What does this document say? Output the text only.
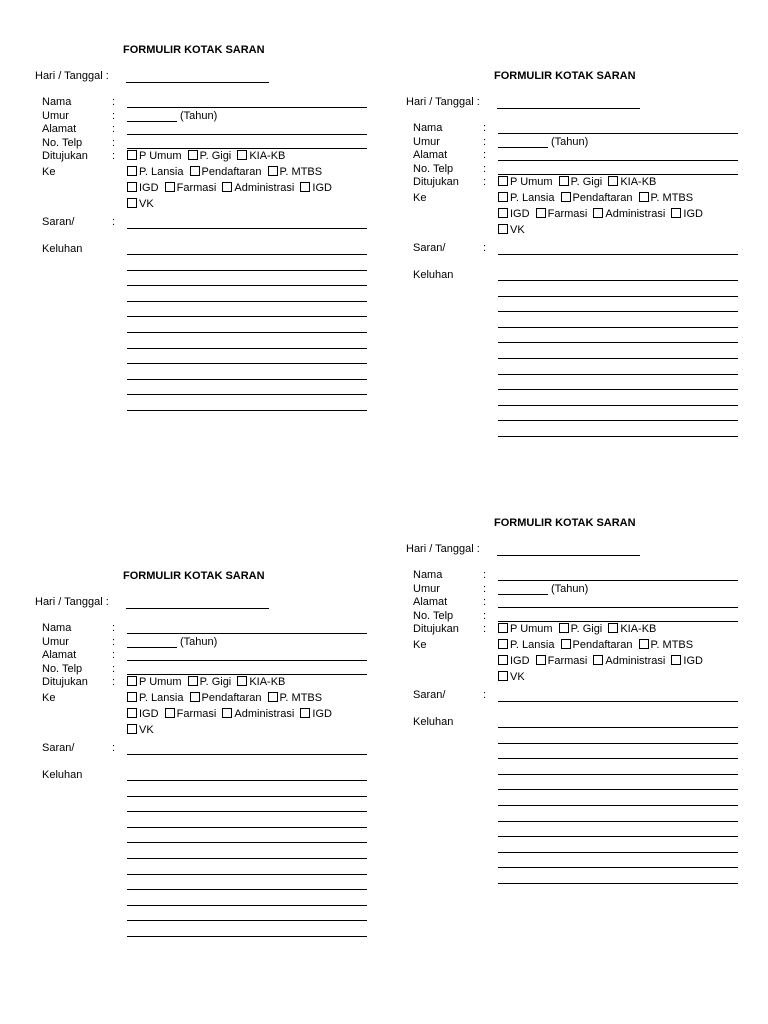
FORMULIR KOTAK SARAN
Hari / Tanggal :
Nama	:
Umur	:	(Tahun)
Alamat	:
No. Telp	:
Ditujukan
Ke
:	P Umum P. Gigi KIA-KB
P. Lansia Pendaftaran P. MTBS
IGD Farmasi Administrasi IGD
VK
Saran/	:
Keluhan
FORMULIR KOTAK SARAN
Hari / Tanggal :
Nama	:
Umur	:	(Tahun)
Alamat	:
No. Telp	:
Ditujukan
Ke
:	P Umum P. Gigi KIA-KB
P. Lansia Pendaftaran P. MTBS
IGD Farmasi Administrasi IGD
VK
Saran/	:
Keluhan
FORMULIR KOTAK SARAN
Hari / Tanggal :
Nama	:
Umur	:	(Tahun)
Alamat	:
No. Telp	:
Ditujukan
Ke
:	P Umum P. Gigi KIA-KB
P. Lansia Pendaftaran P. MTBS
IGD Farmasi Administrasi IGD
VK
Saran/	:
Keluhan
FORMULIR KOTAK SARAN
Hari / Tanggal :
Nama	:
Umur	:	(Tahun)
Alamat	:
No. Telp	:
Ditujukan
Ke
:	P Umum P. Gigi KIA-KB
P. Lansia Pendaftaran P. MTBS
IGD Farmasi Administrasi IGD
VK
Saran/	:
Keluhan
